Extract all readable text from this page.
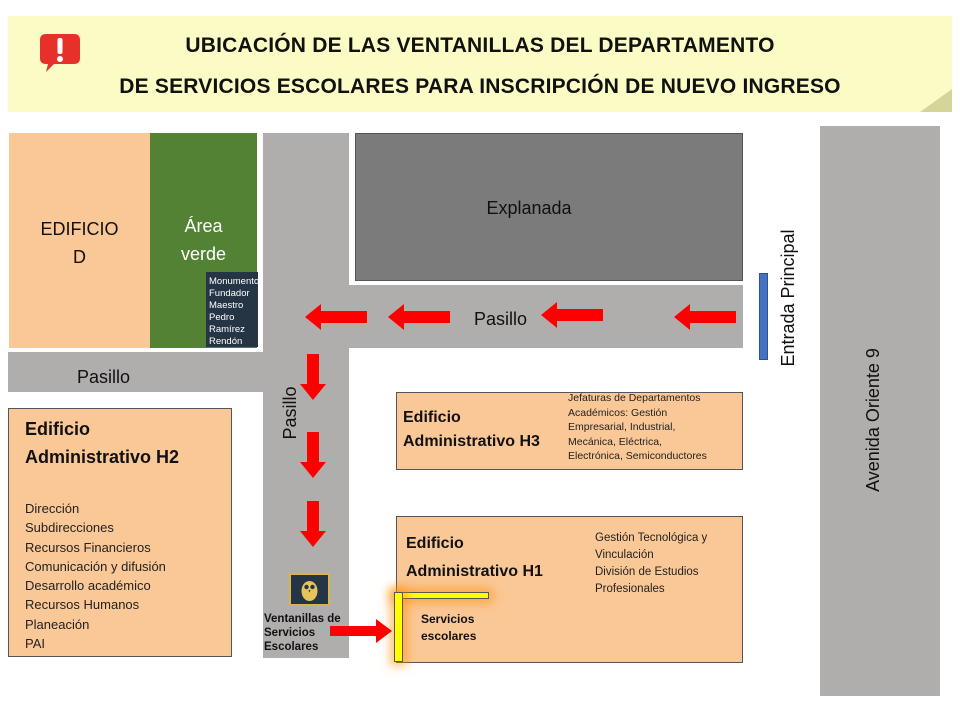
UBICACIÓN DE LAS VENTANILLAS DEL DEPARTAMENTO
DE SERVICIOS ESCOLARES PARA INSCRIPCIÓN DE NUEVO INGRESO
EDIFICIO
D
Área
verde
Monumento
Fundador
Maestro
Pedro
Ramírez
Rendón
Explanada
Pasillo
Pasillo
Pasillo
Entrada Principal
Avenida Oriente 9
Edificio
Administrativo H2
Dirección
Subdirecciones
Recursos Financieros
Comunicación y difusión
Desarrollo académico
Recursos Humanos
Planeación
PAI
Edificio
Administrativo H3
Jefaturas de Departamentos
Académicos: Gestión
Empresarial, Industrial,
Mecánica, Eléctrica,
Electrónica, Semiconductores
Edificio
Administrativo H1
Gestión Tecnológica y
Vinculación
División de Estudios
Profesionales
Servicios
escolares
Ventanillas de
Servicios
Escolares
